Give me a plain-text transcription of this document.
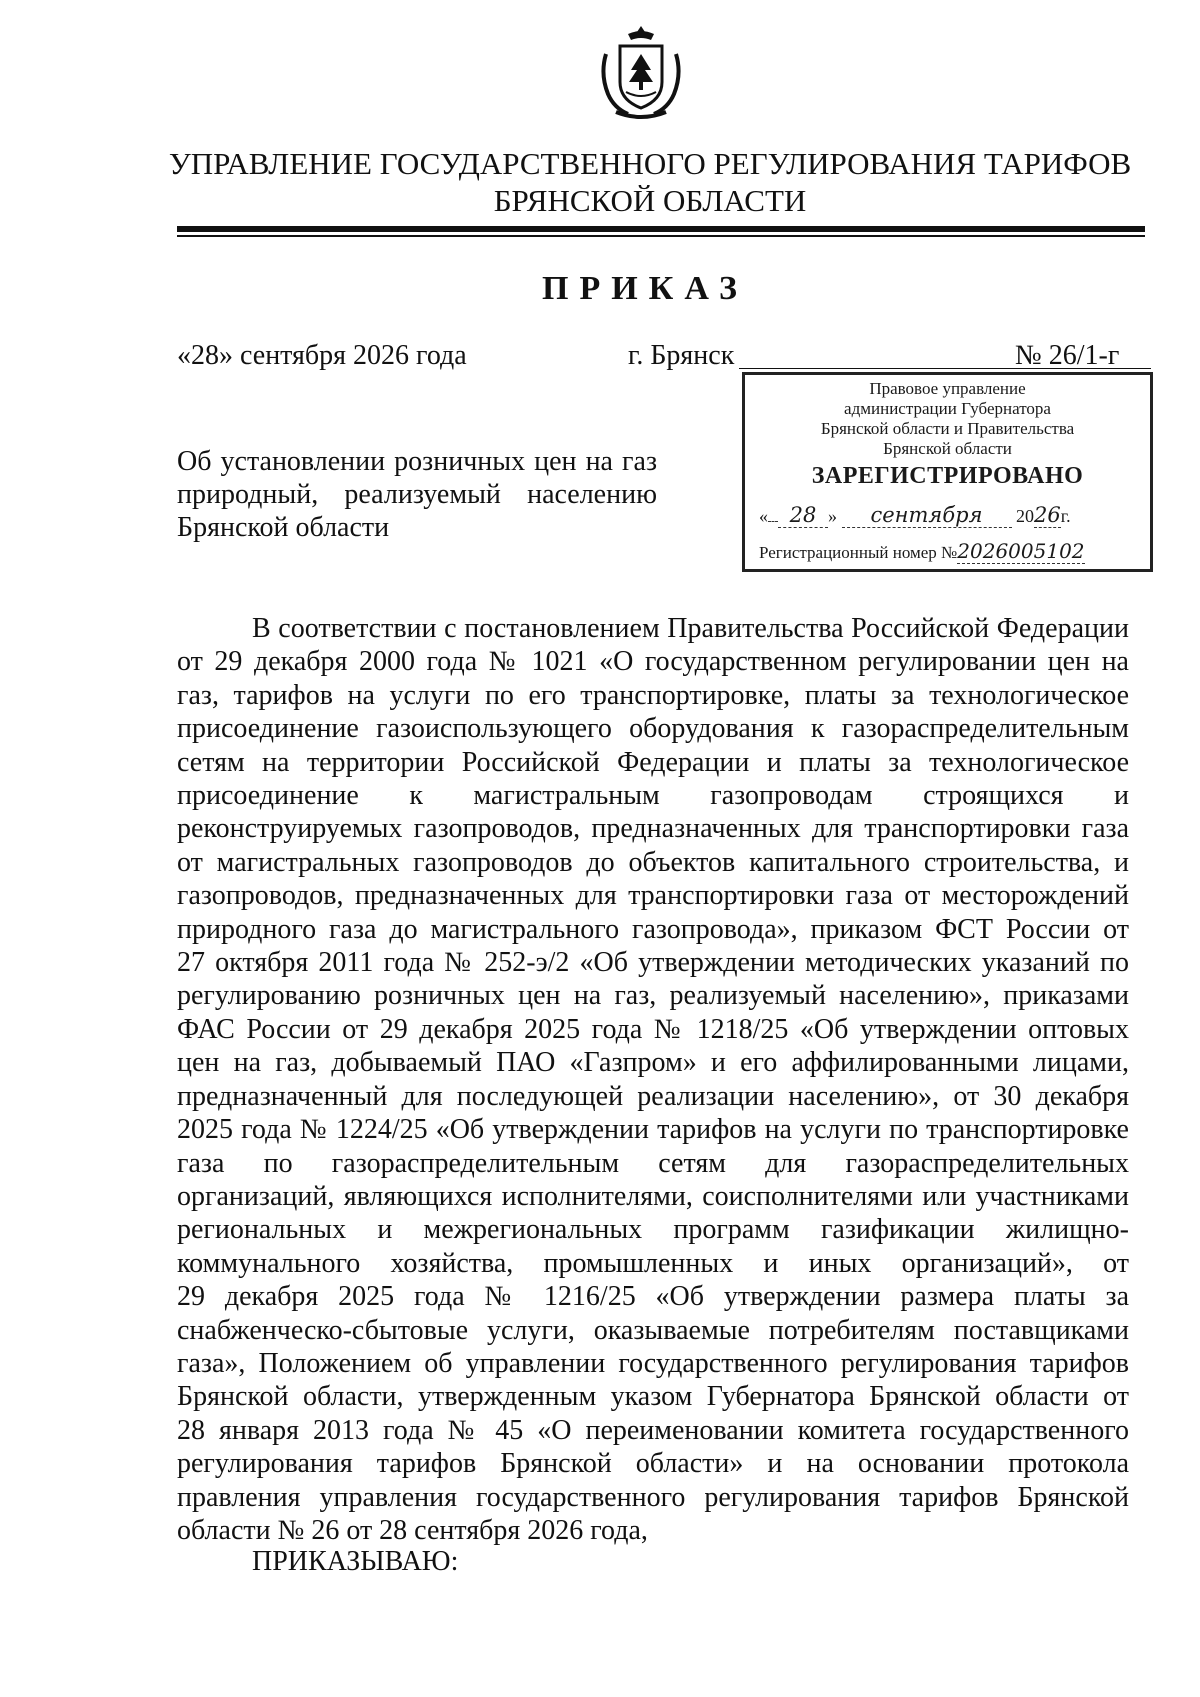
УПРАВЛЕНИЕ ГОСУДАРСТВЕННОГО РЕГУЛИРОВАНИЯ ТАРИФОВ
БРЯНСКОЙ ОБЛАСТИ
ПРИКАЗ
«28» сентября 2026 года	г. Брянск	№ 26/1-г
Правовое управление
администрации Губернатора
Брянской области и Правительства
Брянской области
ЗАРЕГИСТРИРОВАНО
« 28 » сентября 2026г.
Регистрационный номер №2026005102
Об установлении розничных цен на газ
природный, реализуемый населению
Брянской области
В соответствии с постановлением Правительства Российской Федерации
от 29 декабря 2000 года № 1021 «О государственном регулировании цен на
газ, тарифов на услуги по его транспортировке, платы за технологическое
присоединение газоиспользующего оборудования к газораспределительным
сетям на территории Российской Федерации и платы за технологическое
присоединение к магистральным газопроводам строящихся и
реконструируемых газопроводов, предназначенных для транспортировки газа
от магистральных газопроводов до объектов капитального строительства, и
газопроводов, предназначенных для транспортировки газа от месторождений
природного газа до магистрального газопровода», приказом ФСТ России от
27 октября 2011 года № 252-э/2 «Об утверждении методических указаний по
регулированию розничных цен на газ, реализуемый населению», приказами
ФАС России от 29 декабря 2025 года № 1218/25 «Об утверждении оптовых
цен на газ, добываемый ПАО «Газпром» и его аффилированными лицами,
предназначенный для последующей реализации населению», от 30 декабря
2025 года № 1224/25 «Об утверждении тарифов на услуги по транспортировке
газа по газораспределительным сетям для газораспределительных
организаций, являющихся исполнителями, соисполнителями или участниками
региональных и межрегиональных программ газификации жилищно-
коммунального хозяйства, промышленных и иных организаций», от
29 декабря 2025 года № 1216/25 «Об утверждении размера платы за
снабженческо-сбытовые услуги, оказываемые потребителям поставщиками
газа», Положением об управлении государственного регулирования тарифов
Брянской области, утвержденным указом Губернатора Брянской области от
28 января 2013 года № 45 «О переименовании комитета государственного
регулирования тарифов Брянской области» и на основании протокола
правления управления государственного регулирования тарифов Брянской
области № 26 от 28 сентября 2026 года,
ПРИКАЗЫВАЮ:
